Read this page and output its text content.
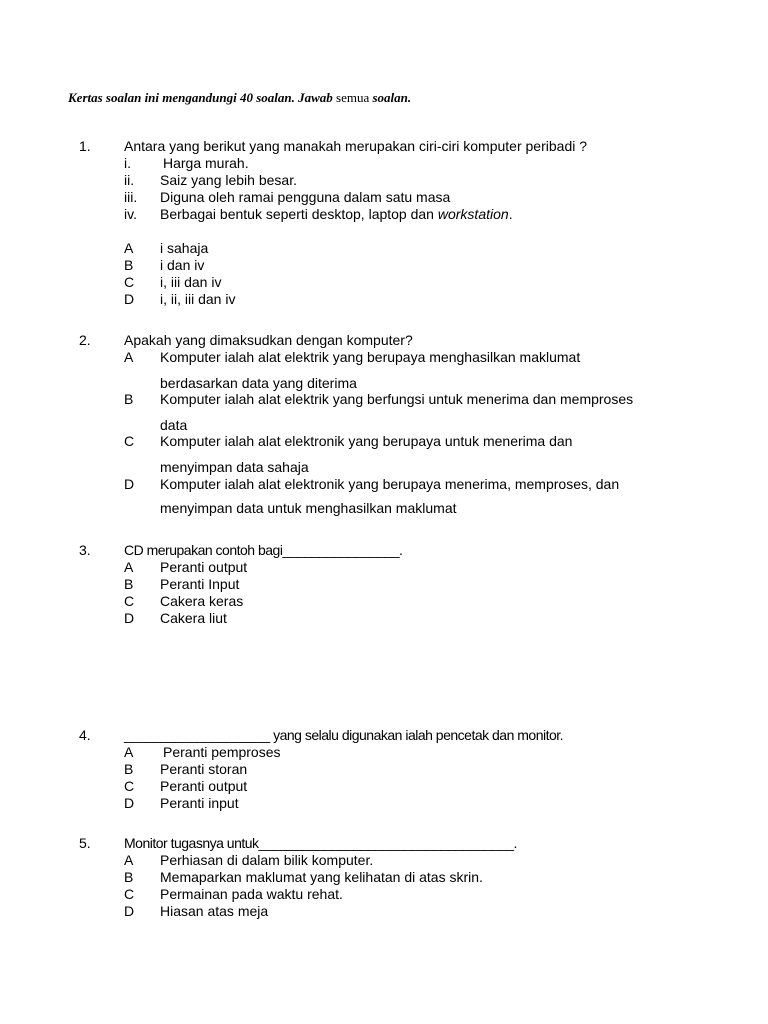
Kertas soalan ini mengandungi 40 soalan. Jawab semua soalan.
1. Antara yang berikut yang manakah merupakan ciri-ciri komputer peribadi ?
i. Harga murah.
ii. Saiz yang lebih besar.
iii. Diguna oleh ramai pengguna dalam satu masa
iv. Berbagai bentuk seperti desktop, laptop dan workstation.
A i sahaja
B i dan iv
C i, iii dan iv
D i, ii, iii dan iv
2. Apakah yang dimaksudkan dengan komputer?
A Komputer ialah alat elektrik yang berupaya menghasilkan maklumat
berdasarkan data yang diterima
B Komputer ialah alat elektrik yang berfungsi untuk menerima dan memproses
data
C Komputer ialah alat elektronik yang berupaya untuk menerima dan
menyimpan data sahaja
D Komputer ialah alat elektronik yang berupaya menerima, memproses, dan
menyimpan data untuk menghasilkan maklumat
3. CD merupakan contoh bagi________________.
A Peranti output
B Peranti Input
C Cakera keras
D Cakera liut
4. ____________________ yang selalu digunakan ialah pencetak dan monitor.
A Peranti pemproses
B Peranti storan
C Peranti output
D Peranti input
5. Monitor tugasnya untuk___________________________________.
A Perhiasan di dalam bilik komputer.
B Memaparkan maklumat yang kelihatan di atas skrin.
C Permainan pada waktu rehat.
D Hiasan atas meja
